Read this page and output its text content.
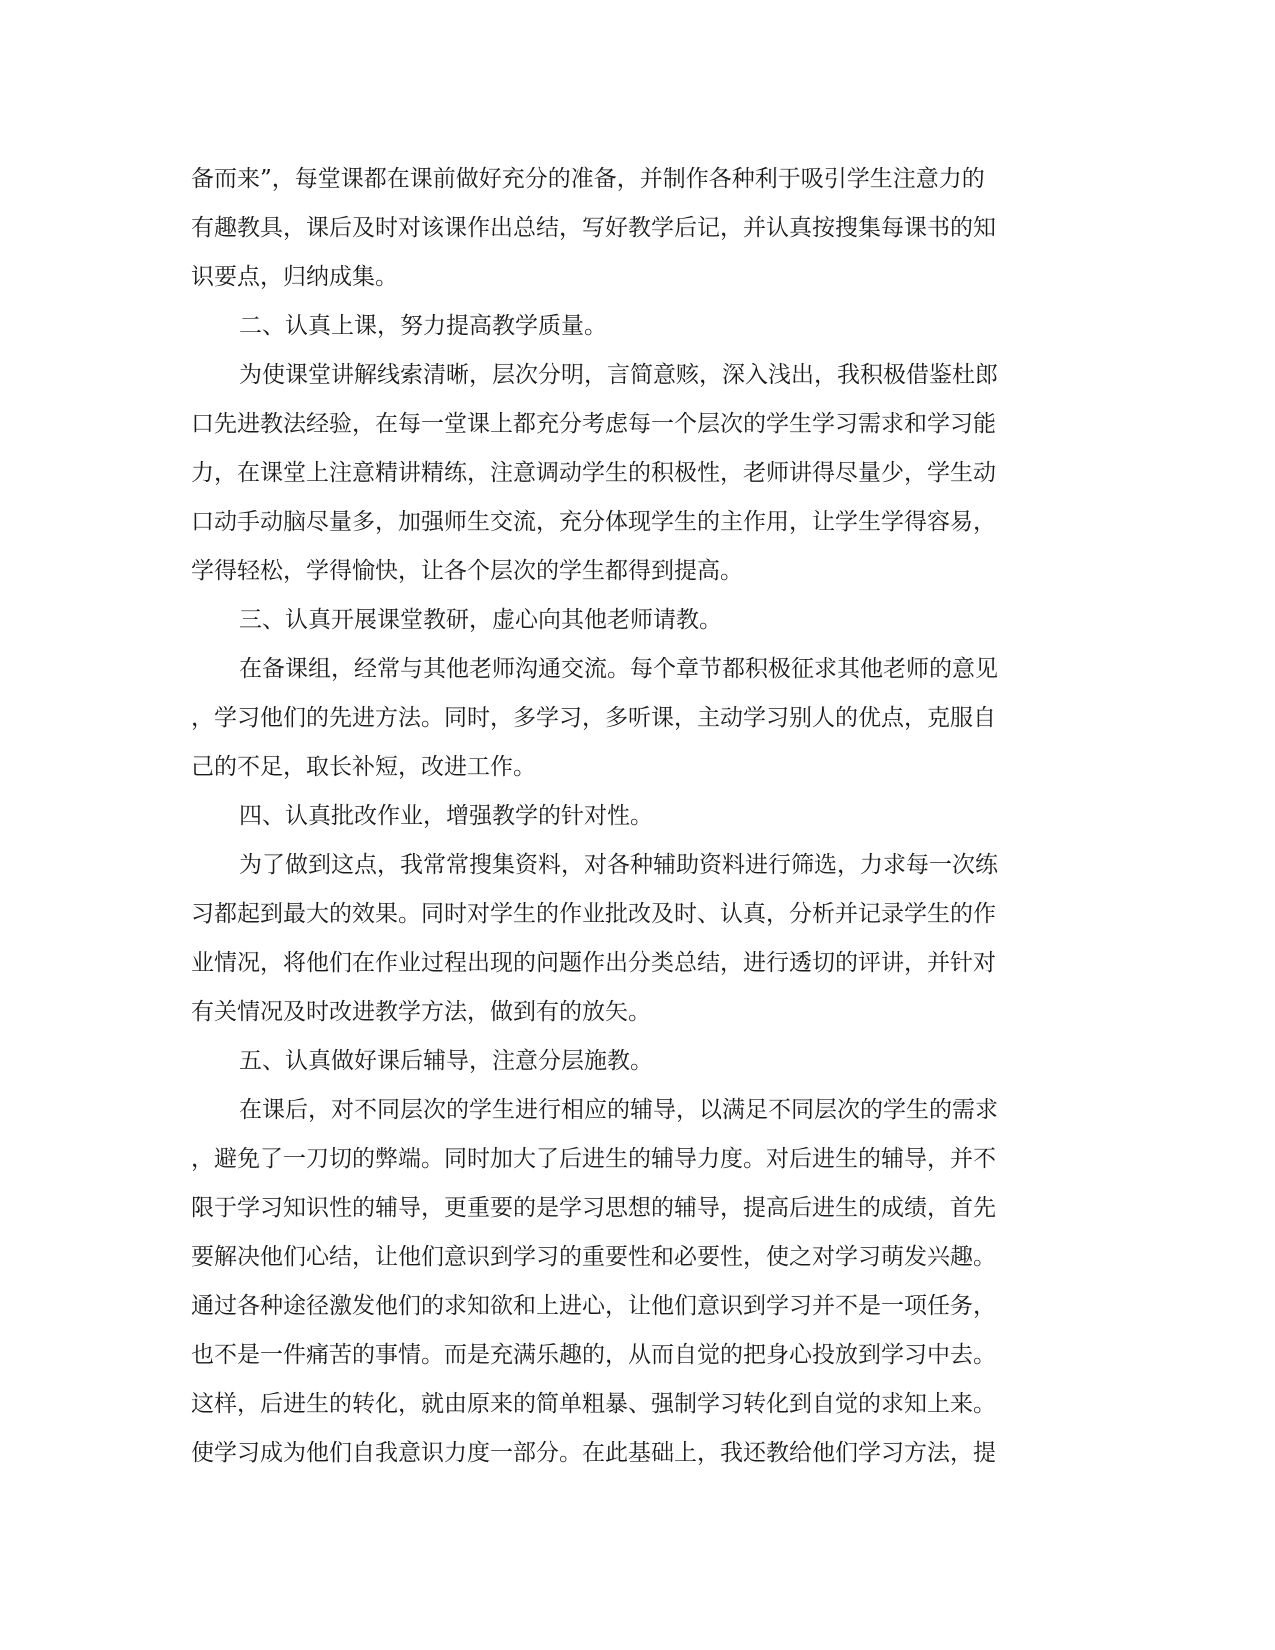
备而来”，每堂课都在课前做好充分的准备，并制作各种利于吸引学生注意力的
有趣教具，课后及时对该课作出总结，写好教学后记，并认真按搜集每课书的知
识要点，归纳成集。
二、认真上课，努力提高教学质量。
为使课堂讲解线索清晰，层次分明，言简意赅，深入浅出，我积极借鉴杜郎
口先进教法经验，在每一堂课上都充分考虑每一个层次的学生学习需求和学习能
力，在课堂上注意精讲精练，注意调动学生的积极性，老师讲得尽量少，学生动
口动手动脑尽量多，加强师生交流，充分体现学生的主作用，让学生学得容易，
学得轻松，学得愉快，让各个层次的学生都得到提高。
三、认真开展课堂教研，虚心向其他老师请教。
在备课组，经常与其他老师沟通交流。每个章节都积极征求其他老师的意见
，学习他们的先进方法。同时，多学习，多听课，主动学习别人的优点，克服自
己的不足，取长补短，改进工作。
四、认真批改作业，增强教学的针对性。
为了做到这点，我常常搜集资料，对各种辅助资料进行筛选，力求每一次练
习都起到最大的效果。同时对学生的作业批改及时、认真，分析并记录学生的作
业情况，将他们在作业过程出现的问题作出分类总结，进行透切的评讲，并针对
有关情况及时改进教学方法，做到有的放矢。
五、认真做好课后辅导，注意分层施教。
在课后，对不同层次的学生进行相应的辅导，以满足不同层次的学生的需求
，避免了一刀切的弊端。同时加大了后进生的辅导力度。对后进生的辅导，并不
限于学习知识性的辅导，更重要的是学习思想的辅导，提高后进生的成绩，首先
要解决他们心结，让他们意识到学习的重要性和必要性，使之对学习萌发兴趣。
通过各种途径激发他们的求知欲和上进心，让他们意识到学习并不是一项任务，
也不是一件痛苦的事情。而是充满乐趣的，从而自觉的把身心投放到学习中去。
这样，后进生的转化，就由原来的简单粗暴、强制学习转化到自觉的求知上来。
使学习成为他们自我意识力度一部分。在此基础上，我还教给他们学习方法，提
